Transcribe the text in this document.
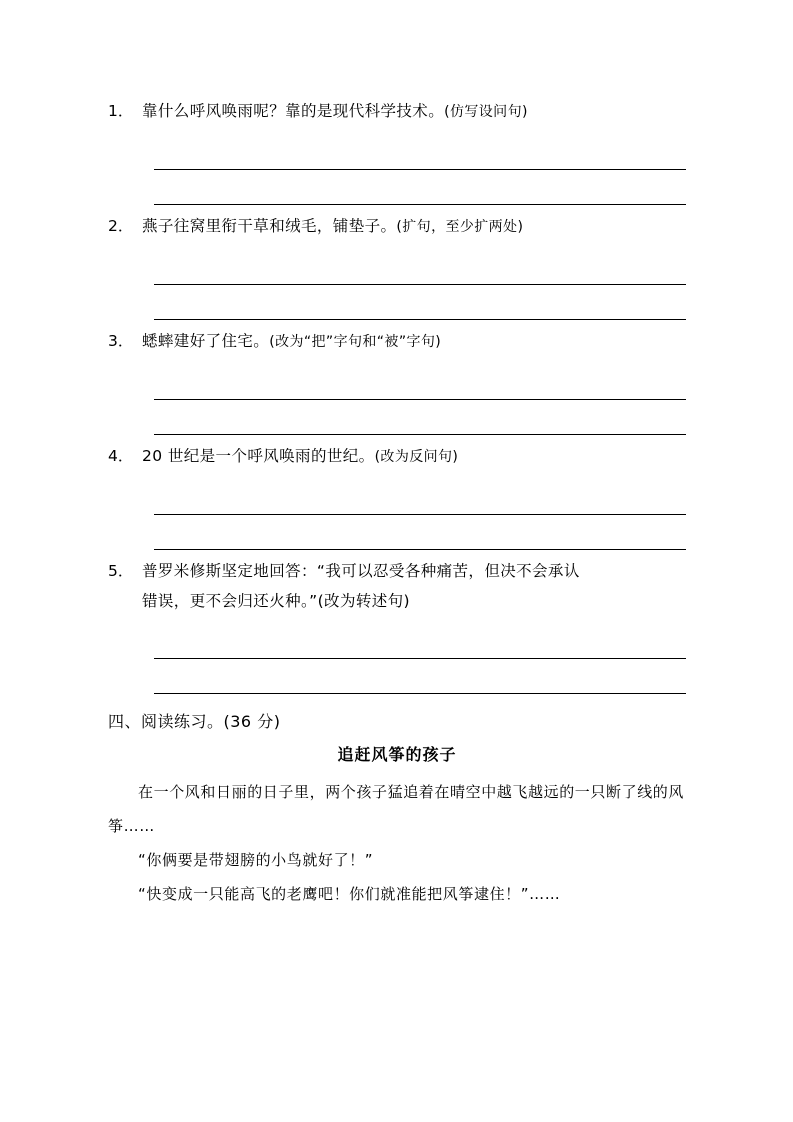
1． 靠什么呼风唤雨呢？靠的是现代科学技术。(仿写设问句)
2． 燕子往窝里衔干草和绒毛，铺垫子。(扩句，至少扩两处)
3． 蟋蟀建好了住宅。(改为“把”字句和“被”字句)
4． 20 世纪是一个呼风唤雨的世纪。(改为反问句)
5． 普罗米修斯坚定地回答：“我可以忍受各种痛苦，但决不会承认
错误，更不会归还火种。”(改为转述句)
四、阅读练习。(36 分)
追赶风筝的孩子
在一个风和日丽的日子里，两个孩子猛追着在晴空中越飞越远的一只断了线的风筝……
“你俩要是带翅膀的小鸟就好了！”
“快变成一只能高飞的老鹰吧！你们就准能把风筝逮住！”……
